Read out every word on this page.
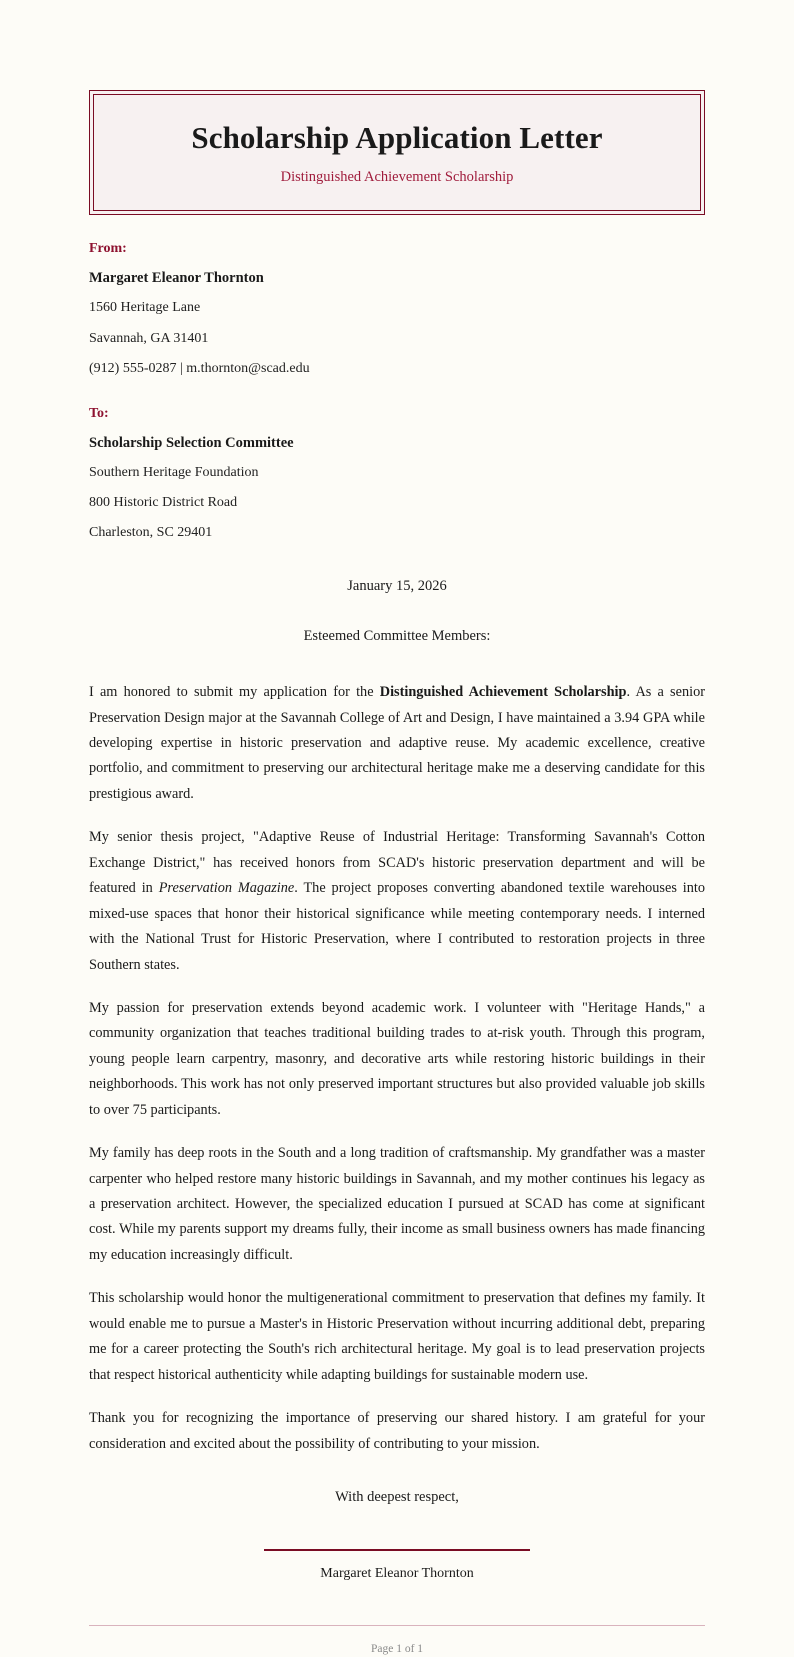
Scholarship Application Letter

Distinguished Achievement Scholarship

From:

Margaret Eleanor Thornton

1560 Heritage Lane

Savannah, GA 31401

(912) 555-0287 | m.thornton@scad.edu

To:

Scholarship Selection Committee

Southern Heritage Foundation

800 Historic District Road

Charleston, SC 29401

January 15, 2026

Esteemed Committee Members:

I am honored to submit my application for the Distinguished Achievement Scholarship. As a senior Preservation Design major at the Savannah College of Art and Design, I have maintained a 3.94 GPA while developing expertise in historic preservation and adaptive reuse. My academic excellence, creative portfolio, and commitment to preserving our architectural heritage make me a deserving candidate for this prestigious award.

My senior thesis project, "Adaptive Reuse of Industrial Heritage: Transforming Savannah's Cotton Exchange District," has received honors from SCAD's historic preservation department and will be featured in Preservation Magazine. The project proposes converting abandoned textile warehouses into mixed-use spaces that honor their historical significance while meeting contemporary needs. I interned with the National Trust for Historic Preservation, where I contributed to restoration projects in three Southern states.

My passion for preservation extends beyond academic work. I volunteer with "Heritage Hands," a community organization that teaches traditional building trades to at-risk youth. Through this program, young people learn carpentry, masonry, and decorative arts while restoring historic buildings in their neighborhoods. This work has not only preserved important structures but also provided valuable job skills to over 75 participants.

My family has deep roots in the South and a long tradition of craftsmanship. My grandfather was a master carpenter who helped restore many historic buildings in Savannah, and my mother continues his legacy as a preservation architect. However, the specialized education I pursued at SCAD has come at significant cost. While my parents support my dreams fully, their income as small business owners has made financing my education increasingly difficult.

This scholarship would honor the multigenerational commitment to preservation that defines my family. It would enable me to pursue a Master's in Historic Preservation without incurring additional debt, preparing me for a career protecting the South's rich architectural heritage. My goal is to lead preservation projects that respect historical authenticity while adapting buildings for sustainable modern use.

Thank you for recognizing the importance of preserving our shared history. I am grateful for your consideration and excited about the possibility of contributing to your mission.

With deepest respect,

Margaret Eleanor Thornton
Page 1 of 1
